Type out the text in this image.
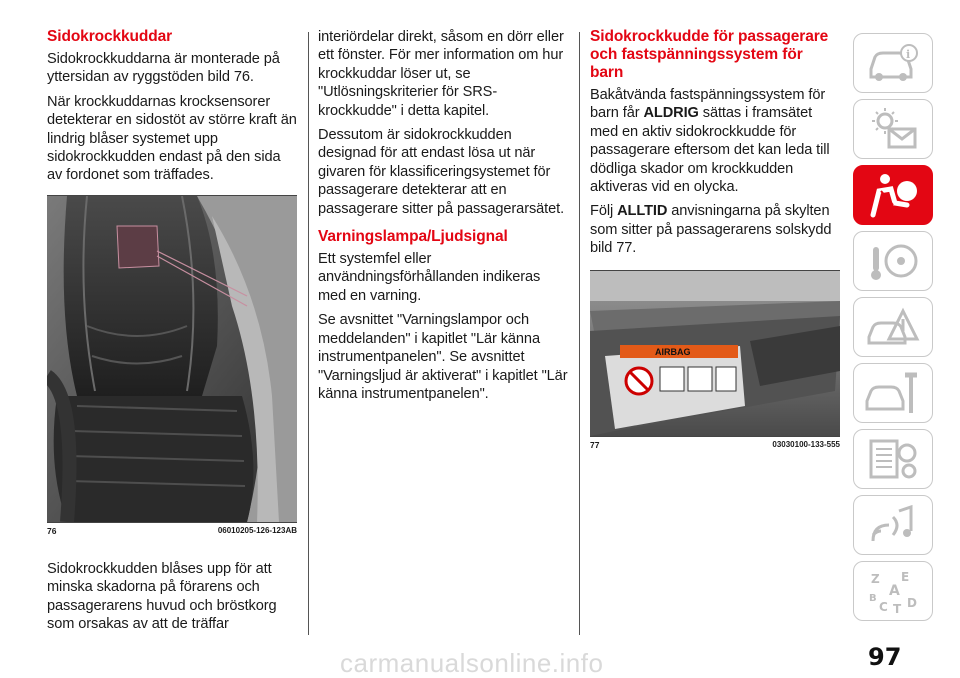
Sidokrockkuddar

Sidokrockkuddarna är monterade på yttersidan av ryggstöden bild 76.

När krockkuddarnas krocksensorer detekterar en sidostöt av större kraft än lindrig blåser systemet upp sidokrockkudden endast på den sida av fordonet som träffades.

76	06010205-126-123AB

Sidokrockkudden blåses upp för att minska skadorna på förarens och passagerarens huvud och bröstkorg som orsakas av att de träffar

interiördelar direkt, såsom en dörr eller ett fönster. För mer information om hur krockkuddar löser ut, se "Utlösningskriterier för SRS-krockkudde" i detta kapitel.

Dessutom är sidokrockkudden designad för att endast lösa ut när givaren för klassificeringsystemet för passagerare detekterar att en passagerare sitter på passagerarsätet.

Varningslampa/Ljudsignal

Ett systemfel eller användningsförhållanden indikeras med en varning.

Se avsnittet "Varningslampor och meddelanden" i kapitlet "Lär känna instrumentpanelen". Se avsnittet "Varningsljud är aktiverat" i kapitlet "Lär känna instrumentpanelen".

Sidokrockkudde för passagerare och fastspänningssystem för barn

Bakåtvända fastspänningssystem för barn får ALDRIG sättas i framsätet med en aktiv sidokrockkudde för passagerare eftersom det kan leda till dödliga skador om krockkudden aktiveras vid en olycka.

Följ ALLTID anvisningarna på skylten som sitter på passagerarens solskydd bild 77.

AIRBAG
77	03030100-133-555
i
Z E
A
B
C T D
97
carmanualsonline.info
